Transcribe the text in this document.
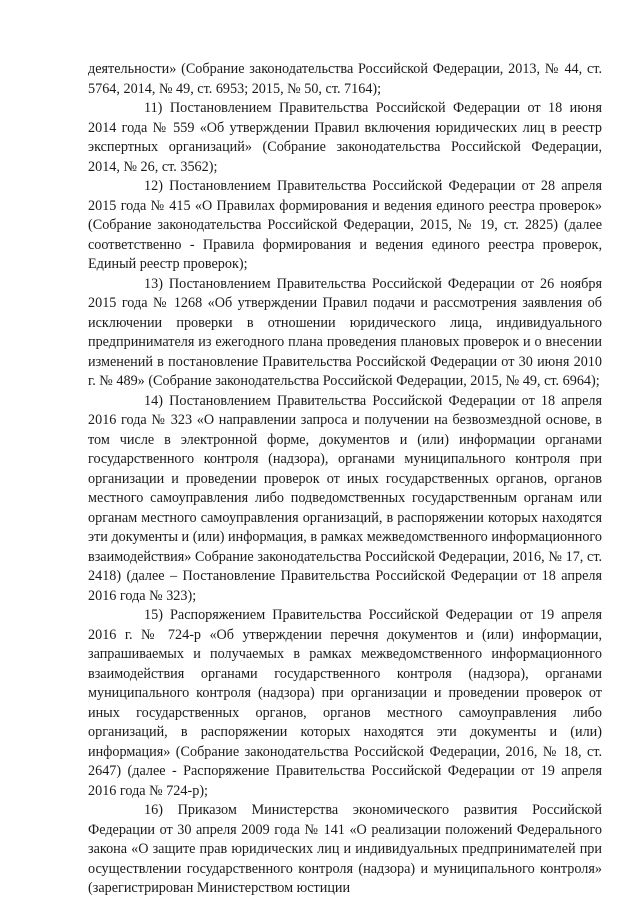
деятельности» (Собрание законодательства Российской Федерации, 2013, № 44, ст. 5764, 2014, № 49, ст. 6953; 2015, № 50, ст. 7164);

11) Постановлением Правительства Российской Федерации от 18 июня 2014 года № 559 «Об утверждении Правил включения юридических лиц в реестр экспертных организаций» (Собрание законодательства Российской Федерации, 2014, № 26, ст. 3562);

12) Постановлением Правительства Российской Федерации от 28 апреля 2015 года № 415 «О Правилах формирования и ведения единого реестра проверок» (Собрание законодательства Российской Федерации, 2015, № 19, ст. 2825) (далее соответственно - Правила формирования и ведения единого реестра проверок, Единый реестр проверок);

13) Постановлением Правительства Российской Федерации от 26 ноября 2015 года № 1268 «Об утверждении Правил подачи и рассмотрения заявления об исключении проверки в отношении юридического лица, индивидуального предпринимателя из ежегодного плана проведения плановых проверок и о внесении изменений в постановление Правительства Российской Федерации от 30 июня 2010 г. № 489» (Собрание законодательства Российской Федерации, 2015, № 49, ст. 6964);

14) Постановлением Правительства Российской Федерации от 18 апреля 2016 года № 323 «О направлении запроса и получении на безвозмездной основе, в том числе в электронной форме, документов и (или) информации органами государственного контроля (надзора), органами муниципального контроля при организации и проведении проверок от иных государственных органов, органов местного самоуправления либо подведомственных государственным органам или органам местного самоуправления организаций, в распоряжении которых находятся эти документы и (или) информация, в рамках межведомственного информационного взаимодействия» Собрание законодательства Российской Федерации, 2016, № 17, ст. 2418) (далее – Постановление Правительства Российской Федерации от 18 апреля 2016 года № 323);

15) Распоряжением Правительства Российской Федерации от 19 апреля 2016 г. № 724-р «Об утверждении перечня документов и (или) информации, запрашиваемых и получаемых в рамках межведомственного информационного взаимодействия органами государственного контроля (надзора), органами муниципального контроля (надзора) при организации и проведении проверок от иных государственных органов, органов местного самоуправления либо организаций, в распоряжении которых находятся эти документы и (или) информация» (Собрание законодательства Российской Федерации, 2016, № 18, ст. 2647) (далее - Распоряжение Правительства Российской Федерации от 19 апреля 2016 года № 724-р);

16) Приказом Министерства экономического развития Российской Федерации от 30 апреля 2009 года № 141 «О реализации положений Федерального закона «О защите прав юридических лиц и индивидуальных предпринимателей при осуществлении государственного контроля (надзора) и муниципального контроля» (зарегистрирован Министерством юстиции
